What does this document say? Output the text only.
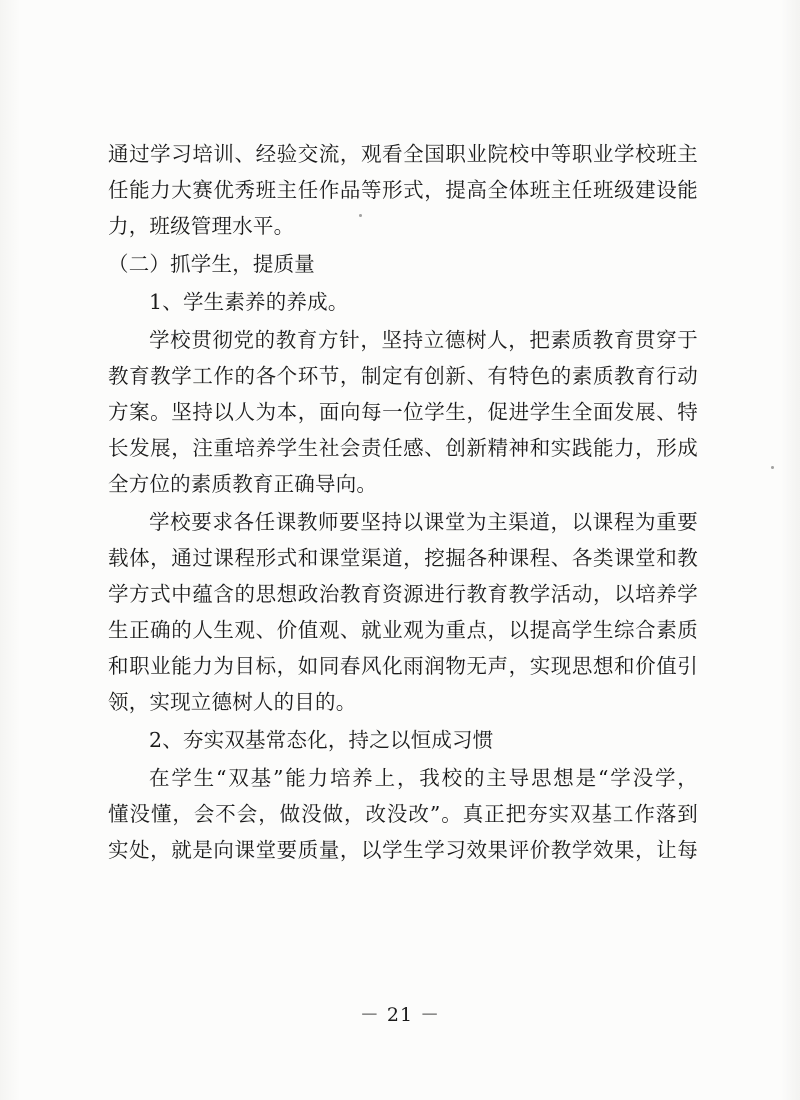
通过学习培训、经验交流，观看全国职业院校中等职业学校班主
任能力大赛优秀班主任作品等形式，提高全体班主任班级建设能
力，班级管理水平。
（二）抓学生，提质量
1、学生素养的养成。
学校贯彻党的教育方针，坚持立德树人，把素质教育贯穿于
教育教学工作的各个环节，制定有创新、有特色的素质教育行动
方案。坚持以人为本，面向每一位学生，促进学生全面发展、特
长发展，注重培养学生社会责任感、创新精神和实践能力，形成
全方位的素质教育正确导向。
学校要求各任课教师要坚持以课堂为主渠道，以课程为重要
载体，通过课程形式和课堂渠道，挖掘各种课程、各类课堂和教
学方式中蕴含的思想政治教育资源进行教育教学活动，以培养学
生正确的人生观、价值观、就业观为重点，以提高学生综合素质
和职业能力为目标，如同春风化雨润物无声，实现思想和价值引
领，实现立德树人的目的。
2、夯实双基常态化，持之以恒成习惯
在学生“双基”能力培养上，我校的主导思想是“学没学，
懂没懂，会不会，做没做，改没改”。真正把夯实双基工作落到
实处，就是向课堂要质量，以学生学习效果评价教学效果，让每
－ 21 －
